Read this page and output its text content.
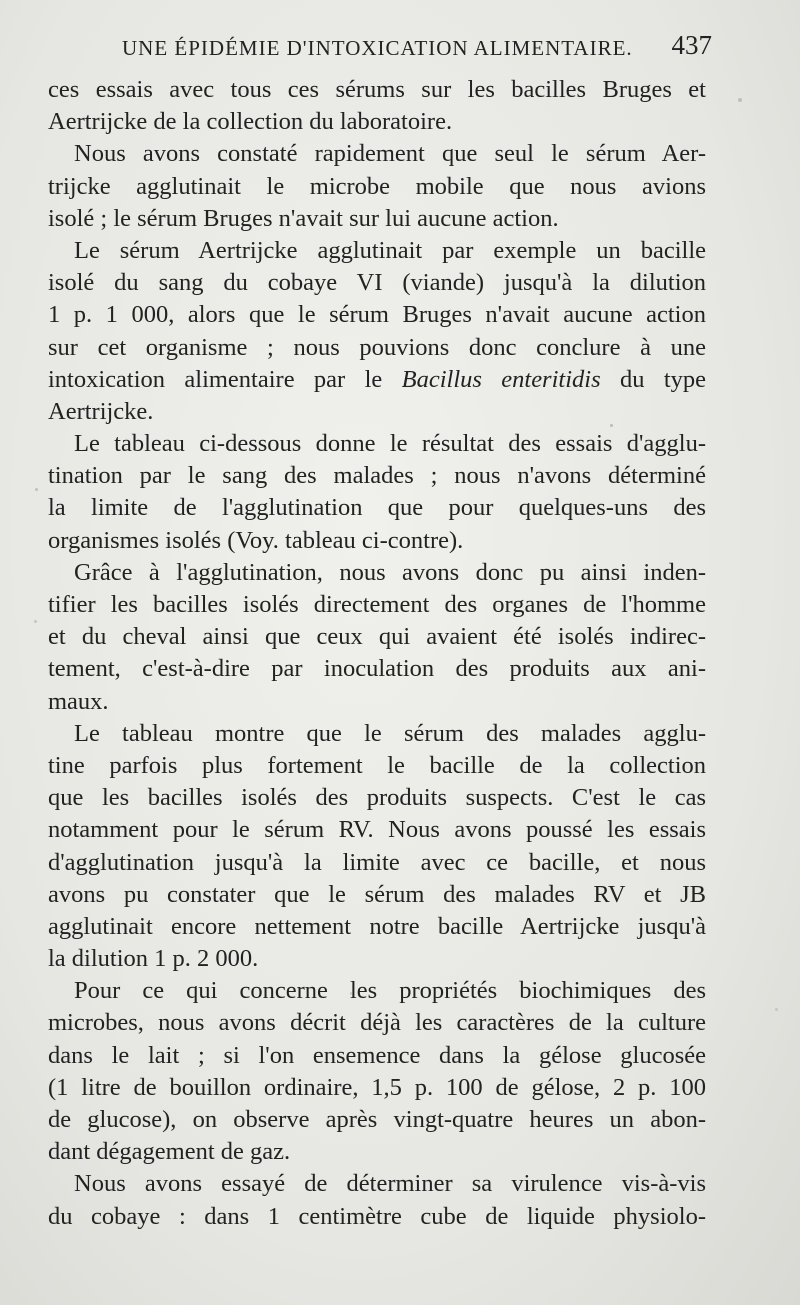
UNE ÉPIDÉMIE D'INTOXICATION ALIMENTAIRE. 437
ces essais avec tous ces sérums sur les bacilles Bruges et
Aertrijcke de la collection du laboratoire.
Nous avons constaté rapidement que seul le sérum Aer-
trijcke agglutinait le microbe mobile que nous avions
isolé ; le sérum Bruges n'avait sur lui aucune action.
Le sérum Aertrijcke agglutinait par exemple un bacille
isolé du sang du cobaye VI (viande) jusqu'à la dilution
1 p. 1 000, alors que le sérum Bruges n'avait aucune action
sur cet organisme ; nous pouvions donc conclure à une
intoxication alimentaire par le Bacillus enteritidis du type
Aertrijcke.
Le tableau ci-dessous donne le résultat des essais d'agglu-
tination par le sang des malades ; nous n'avons déterminé
la limite de l'agglutination que pour quelques-uns des
organismes isolés (Voy. tableau ci-contre).
Grâce à l'agglutination, nous avons donc pu ainsi inden-
tifier les bacilles isolés directement des organes de l'homme
et du cheval ainsi que ceux qui avaient été isolés indirec-
tement, c'est-à-dire par inoculation des produits aux ani-
maux.
Le tableau montre que le sérum des malades agglu-
tine parfois plus fortement le bacille de la collection
que les bacilles isolés des produits suspects. C'est le cas
notamment pour le sérum RV. Nous avons poussé les essais
d'agglutination jusqu'à la limite avec ce bacille, et nous
avons pu constater que le sérum des malades RV et JB
agglutinait encore nettement notre bacille Aertrijcke jusqu'à
la dilution 1 p. 2 000.
Pour ce qui concerne les propriétés biochimiques des
microbes, nous avons décrit déjà les caractères de la culture
dans le lait ; si l'on ensemence dans la gélose glucosée
(1 litre de bouillon ordinaire, 1,5 p. 100 de gélose, 2 p. 100
de glucose), on observe après vingt-quatre heures un abon-
dant dégagement de gaz.
Nous avons essayé de déterminer sa virulence vis-à-vis
du cobaye : dans 1 centimètre cube de liquide physiolo-
